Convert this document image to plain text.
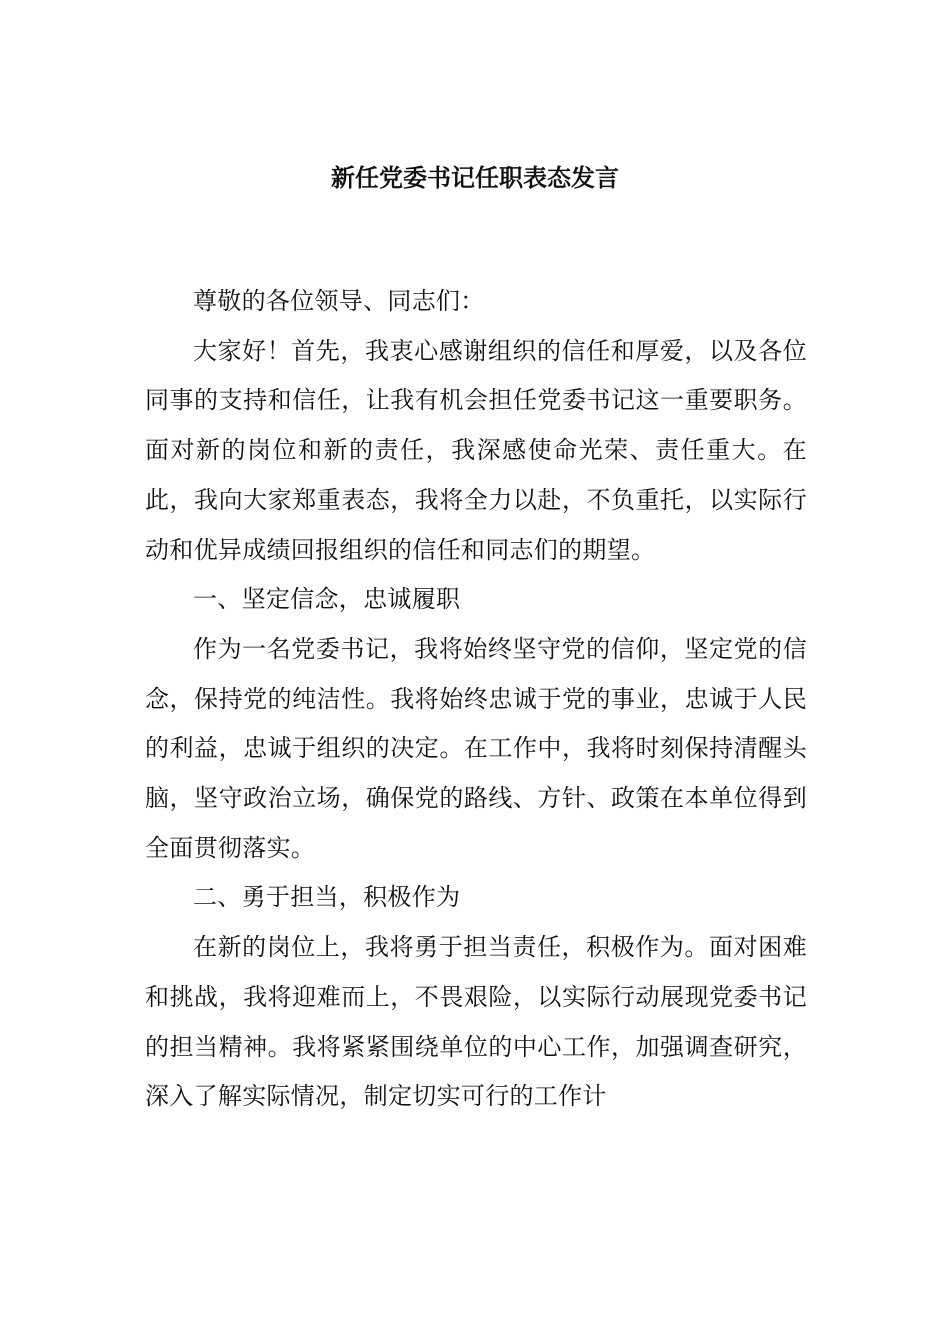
新任党委书记任职表态发言

尊敬的各位领导、同志们：

大家好！首先，我衷心感谢组织的信任和厚爱，以及各位同事的支持和信任，让我有机会担任党委书记这一重要职务。面对新的岗位和新的责任，我深感使命光荣、责任重大。在此，我向大家郑重表态，我将全力以赴，不负重托，以实际行动和优异成绩回报组织的信任和同志们的期望。

一、坚定信念，忠诚履职

作为一名党委书记，我将始终坚守党的信仰，坚定党的信念，保持党的纯洁性。我将始终忠诚于党的事业，忠诚于人民的利益，忠诚于组织的决定。在工作中，我将时刻保持清醒头脑，坚守政治立场，确保党的路线、方针、政策在本单位得到全面贯彻落实。

二、勇于担当，积极作为

在新的岗位上，我将勇于担当责任，积极作为。面对困难和挑战，我将迎难而上，不畏艰险，以实际行动展现党委书记的担当精神。我将紧紧围绕单位的中心工作，加强调查研究，深入了解实际情况，制定切实可行的工作计
